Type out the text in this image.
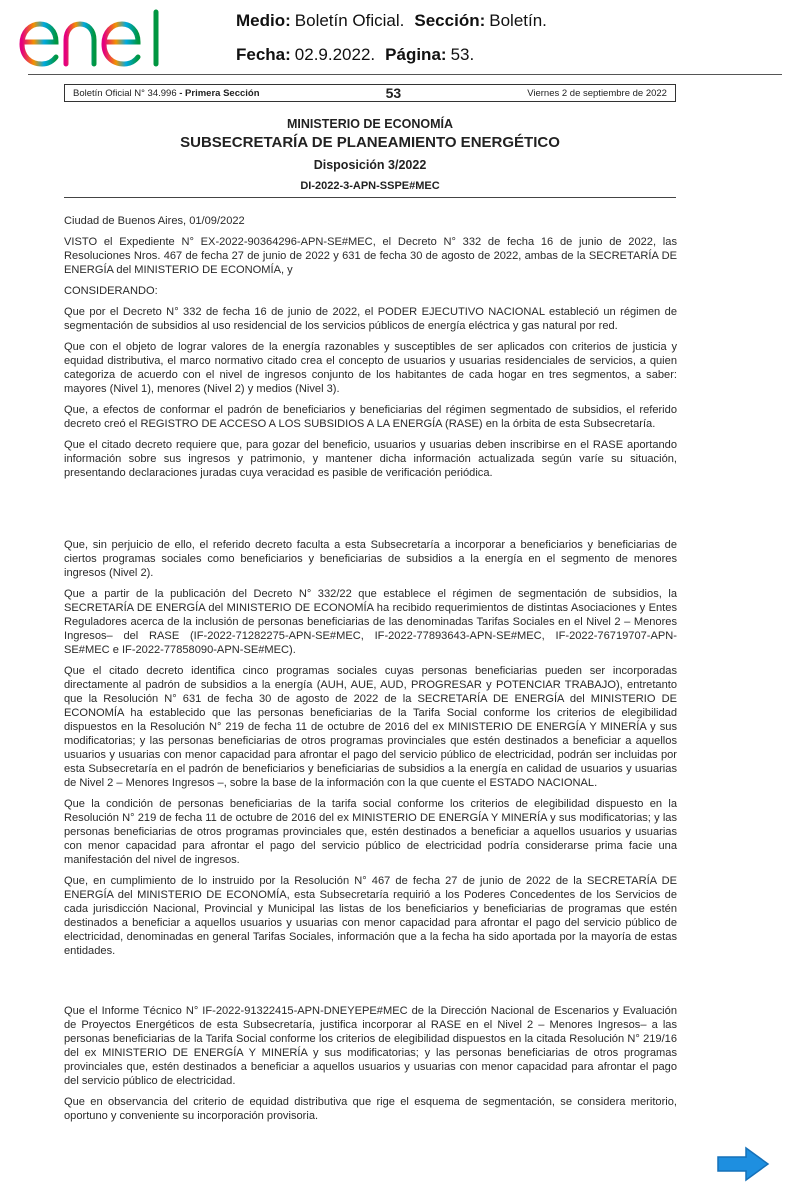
Medio: Boletín Oficial. Sección: Boletín.
Fecha: 02.9.2022. Página: 53.
Boletín Oficial N° 34.996 - Primera Sección	53	Viernes 2 de septiembre de 2022
MINISTERIO DE ECONOMÍA
SUBSECRETARÍA DE PLANEAMIENTO ENERGÉTICO
Disposición 3/2022
DI-2022-3-APN-SSPE#MEC

Ciudad de Buenos Aires, 01/09/2022

VISTO el Expediente N° EX-2022-90364296-APN-SE#MEC, el Decreto N° 332 de fecha 16 de junio de 2022, las Resoluciones Nros. 467 de fecha 27 de junio de 2022 y 631 de fecha 30 de agosto de 2022, ambas de la SECRETARÍA DE ENERGÍA del MINISTERIO DE ECONOMÍA, y

CONSIDERANDO:

Que por el Decreto N° 332 de fecha 16 de junio de 2022, el PODER EJECUTIVO NACIONAL estableció un régimen de segmentación de subsidios al uso residencial de los servicios públicos de energía eléctrica y gas natural por red.

Que con el objeto de lograr valores de la energía razonables y susceptibles de ser aplicados con criterios de justicia y equidad distributiva, el marco normativo citado crea el concepto de usuarios y usuarias residenciales de servicios, a quien categoriza de acuerdo con el nivel de ingresos conjunto de los habitantes de cada hogar en tres segmentos, a saber: mayores (Nivel 1), menores (Nivel 2) y medios (Nivel 3).

Que, a efectos de conformar el padrón de beneficiarios y beneficiarias del régimen segmentado de subsidios, el referido decreto creó el REGISTRO DE ACCESO A LOS SUBSIDIOS A LA ENERGÍA (RASE) en la órbita de esta Subsecretaría.

Que el citado decreto requiere que, para gozar del beneficio, usuarios y usuarias deben inscribirse en el RASE aportando información sobre sus ingresos y patrimonio, y mantener dicha información actualizada según varíe su situación, presentando declaraciones juradas cuya veracidad es pasible de verificación periódica.

Que, sin perjuicio de ello, el referido decreto faculta a esta Subsecretaría a incorporar a beneficiarios y beneficiarias de ciertos programas sociales como beneficiarios y beneficiarias de subsidios a la energía en el segmento de menores ingresos (Nivel 2).

Que a partir de la publicación del Decreto N° 332/22 que establece el régimen de segmentación de subsidios, la SECRETARÍA DE ENERGÍA del MINISTERIO DE ECONOMÍA ha recibido requerimientos de distintas Asociaciones y Entes Reguladores acerca de la inclusión de personas beneficiarias de las denominadas Tarifas Sociales en el Nivel 2 – Menores Ingresos– del RASE (IF-2022-71282275-APN-SE#MEC, IF-2022-77893643-APN-SE#MEC, IF-2022-76719707-APN-SE#MEC e IF-2022-77858090-APN-SE#MEC).

Que el citado decreto identifica cinco programas sociales cuyas personas beneficiarias pueden ser incorporadas directamente al padrón de subsidios a la energía (AUH, AUE, AUD, PROGRESAR y POTENCIAR TRABAJO), entretanto que la Resolución N° 631 de fecha 30 de agosto de 2022 de la SECRETARÍA DE ENERGÍA del MINISTERIO DE ECONOMÍA ha establecido que las personas beneficiarias de la Tarifa Social conforme los criterios de elegibilidad dispuestos en la Resolución N° 219 de fecha 11 de octubre de 2016 del ex MINISTERIO DE ENERGÍA Y MINERÍA y sus modificatorias; y las personas beneficiarias de otros programas provinciales que estén destinados a beneficiar a aquellos usuarios y usuarias con menor capacidad para afrontar el pago del servicio público de electricidad, podrán ser incluidas por esta Subsecretaría en el padrón de beneficiarios y beneficiarias de subsidios a la energía en calidad de usuarios y usuarias de Nivel 2 – Menores Ingresos –, sobre la base de la información con la que cuente el ESTADO NACIONAL.

Que la condición de personas beneficiarias de la tarifa social conforme los criterios de elegibilidad dispuesto en la Resolución N° 219 de fecha 11 de octubre de 2016 del ex MINISTERIO DE ENERGÍA Y MINERÍA y sus modificatorias; y las personas beneficiarias de otros programas provinciales que, estén destinados a beneficiar a aquellos usuarios y usuarias con menor capacidad para afrontar el pago del servicio público de electricidad podría considerarse prima facie una manifestación del nivel de ingresos.

Que, en cumplimiento de lo instruido por la Resolución N° 467 de fecha 27 de junio de 2022 de la SECRETARÍA DE ENERGÍA del MINISTERIO DE ECONOMÍA, esta Subsecretaría requirió a los Poderes Concedentes de los Servicios de cada jurisdicción Nacional, Provincial y Municipal las listas de los beneficiarios y beneficiarias de programas que estén destinados a beneficiar a aquellos usuarios y usuarias con menor capacidad para afrontar el pago del servicio público de electricidad, denominadas en general Tarifas Sociales, información que a la fecha ha sido aportada por la mayoría de estas entidades.

Que el Informe Técnico N° IF-2022-91322415-APN-DNEYEPE#MEC de la Dirección Nacional de Escenarios y Evaluación de Proyectos Energéticos de esta Subsecretaría, justifica incorporar al RASE en el Nivel 2 – Menores Ingresos– a las personas beneficiarias de la Tarifa Social conforme los criterios de elegibilidad dispuestos en la citada Resolución N° 219/16 del ex MINISTERIO DE ENERGÍA Y MINERÍA y sus modificatorias; y las personas beneficiarias de otros programas provinciales que, estén destinados a beneficiar a aquellos usuarios y usuarias con menor capacidad para afrontar el pago del servicio público de electricidad.

Que en observancia del criterio de equidad distributiva que rige el esquema de segmentación, se considera meritorio, oportuno y conveniente su incorporación provisoria.
